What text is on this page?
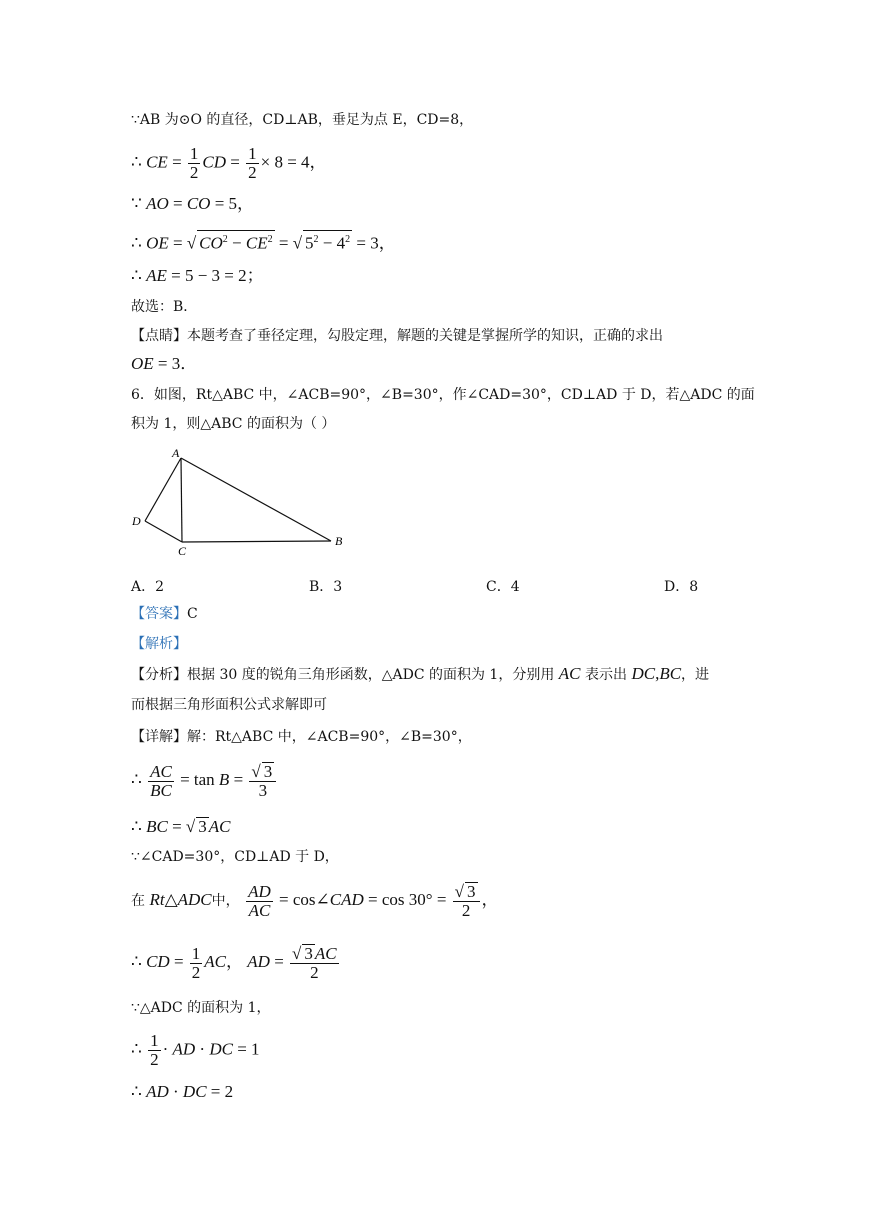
∵AB 为⊙O 的直径，CD⊥AB，垂足为点 E，CD=8，
∴ CE = $\frac{1}{2}$ CD = $\frac{1}{2} \times 8 = 4$，
∵ AO = CO = 5，
∴ OE = √ $CO^2 - CE^2$ = √ $5^2 - 4^2 = 3$，
∴ AE = 5 − 3 = 2；
故选：B．
【点睛】本题考查了垂径定理，勾股定理，解题的关键是掌握所学的知识，正确的求出
OE = 3．
6．如图，Rt△ABC 中，∠ACB=90°，∠B=30°，作∠CAD=30°，CD⊥AD 于 D，若△ADC 的面
积为 1，则△ABC 的面积为（ ）
A
B
C
D
A．2	B．3	C．4	D．8
【答案】C
【解析】
【分析】根据 30 度的锐角三角形函数，△ADC 的面积为 1，分别用 AC 表示出 DC,BC，进
而根据三角形面积公式求解即可
【详解】解：Rt△ABC 中，∠ACB=90°，∠B=30°，
∴ $\frac{AC}{BC} = \tan B = \frac{√ 3}{3}$
∴ BC = √ 3 AC
∵∠CAD=30°，CD⊥AD 于 D，
在 Rt△ADC中， $\frac{AD}{AC}$ = cos∠CAD = $\cos 30^\circ = \frac{√ 3}{2}$ ，
∴ CD = $\frac{1}{2}$ AC， AD = $\frac{√ 3 AC}{2}$
∵△ADC 的面积为 1，
∴ $\frac{1}{2}$ · AD · DC = 1
∴ AD · DC = 2
